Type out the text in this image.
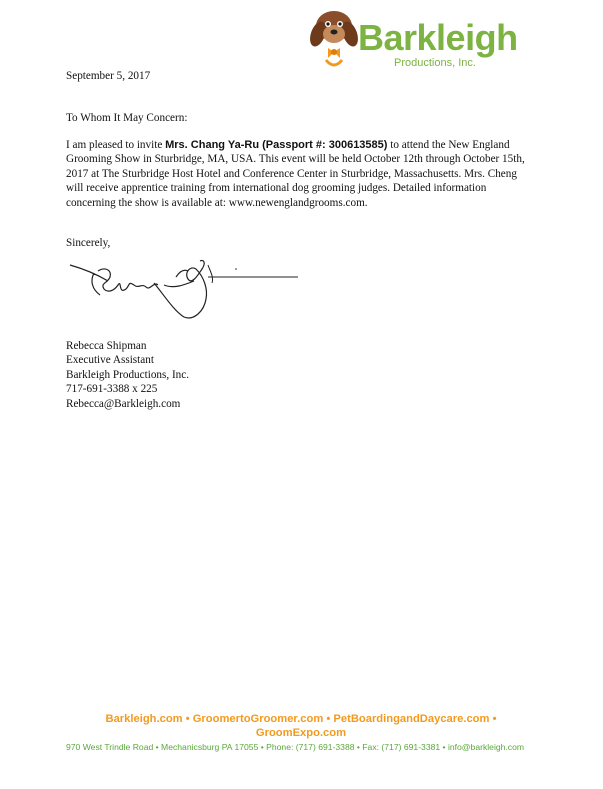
Barkleigh
Productions, Inc.
September 5, 2017
To Whom It May Concern:
I am pleased to invite Mrs. Chang Ya-Ru (Passport #: 300613585) to attend the New England Grooming Show in Sturbridge, MA, USA. This event will be held October 12th through October 15th, 2017 at The Sturbridge Host Hotel and Conference Center in Sturbridge, Massachusetts. Mrs. Cheng will receive apprentice training from international dog grooming judges. Detailed information concerning the show is available at: www.newenglandgrooms.com.
Sincerely,
Rebecca Shipman
Executive Assistant
Barkleigh Productions, Inc.
717-691-3388 x 225
Rebecca@Barkleigh.com
Barkleigh.com • GroomertoGroomer.com • PetBoardingandDaycare.com • GroomExpo.com
970 West Trindle Road • Mechanicsburg PA 17055 • Phone: (717) 691-3388 • Fax: (717) 691-3381 • info@barkleigh.com
